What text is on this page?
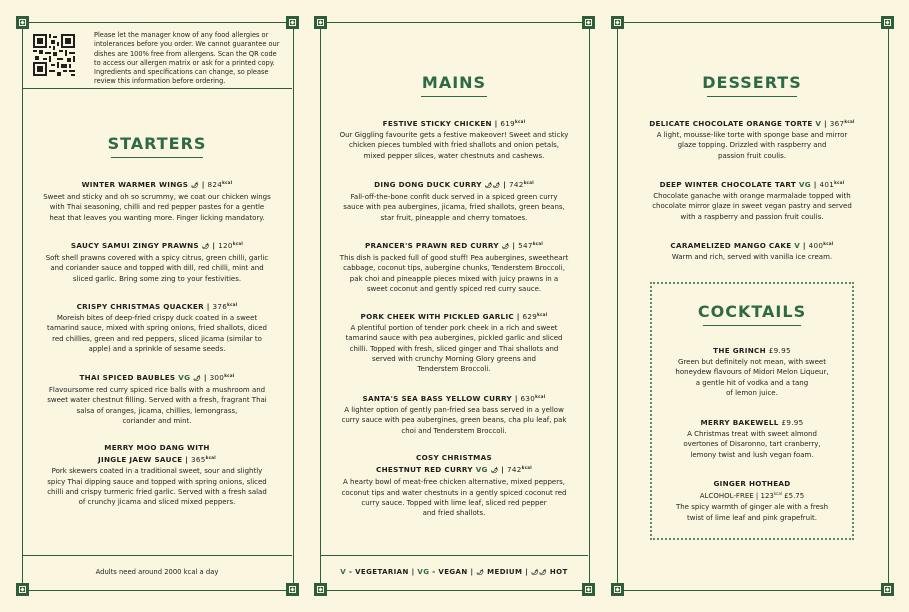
Please let the manager know of any food allergies or
intolerances before you order. We cannot guarantee our
dishes are 100% free from allergens. Scan the QR code
to access our allergen matrix or ask for a printed copy.
Ingredients and specifications can change, so please
review this information before ordering.
STARTERS
WINTER WARMER WINGS 🌶 | $824^{kcal}$
Sweet and sticky and oh so scrummy, we coat our chicken wings
with Thai seasoning, chilli and red pepper pastes for a gentle
heat that leaves you wanting more. Finger licking mandatory.
SAUCY SAMUI ZINGY PRAWNS 🌶 | $120^{kcal}$
Soft shell prawns covered with a spicy citrus, green chilli, garlic
and coriander sauce and topped with dill, red chilli, mint and
sliced garlic. Bring some zing to your festivities.
CRISPY CHRISTMAS QUACKER | $376^{kcal}$
Moreish bites of deep-fried crispy duck coated in a sweet
tamarind sauce, mixed with spring onions, fried shallots, diced
red chillies, green and red peppers, sliced jicama (similar to
apple) and a sprinkle of sesame seeds.
THAI SPICED BAUBLES VG 🌶 | $300^{kcal}$
Flavoursome red curry spiced rice balls with a mushroom and
sweet water chestnut filling. Served with a fresh, fragrant Thai
salsa of oranges, jicama, chillies, lemongrass,
coriander and mint.
MERRY MOO DANG WITH
JINGLE JAEW SAUCE | $365^{kcal}$
Pork skewers coated in a traditional sweet, sour and slightly
spicy Thai dipping sauce and topped with spring onions, sliced
chilli and crispy turmeric fried garlic. Served with a fresh salad
of crunchy jicama and sliced mixed peppers.
Adults need around 2000 kcal a day
MAINS
FESTIVE STICKY CHICKEN | $619^{kcal}$
Our Giggling favourite gets a festive makeover! Sweet and sticky
chicken pieces tumbled with fried shallots and onion petals,
mixed pepper slices, water chestnuts and cashews.
DING DONG DUCK CURRY 🌶🌶 | $742^{kcal}$
Fall-off-the-bone confit duck served in a spiced green curry
sauce with pea aubergines, jicama, fried shallots, green beans,
star fruit, pineapple and cherry tomatoes.
PRANCER'S PRAWN RED CURRY 🌶 | $547^{kcal}$
This dish is packed full of good stuff! Pea aubergines, sweetheart
cabbage, coconut tips, aubergine chunks, Tenderstem Broccoli,
pak choi and pineapple pieces mixed with juicy prawns in a
sweet coconut and gently spiced red curry sauce.
PORK CHEEK WITH PICKLED GARLIC | $629^{kcal}$
A plentiful portion of tender pork cheek in a rich and sweet
tamarind sauce with pea aubergines, pickled garlic and sliced
chilli. Topped with fresh, sliced ginger and Thai shallots and
served with crunchy Morning Glory greens and
Tenderstem Broccoli.
SANTA'S SEA BASS YELLOW CURRY | $630^{kcal}$
A lighter option of gently pan-fried sea bass served in a yellow
curry sauce with pea aubergines, green beans, cha plu leaf, pak
choi and Tenderstem Broccoli.
COSY CHRISTMAS
CHESTNUT RED CURRY VG 🌶 | $742^{kcal}$
A hearty bowl of meat-free chicken alternative, mixed peppers,
coconut tips and water chestnuts in a gently spiced coconut red
curry sauce. Topped with lime leaf, sliced red pepper
and fried shallots.
V - VEGETARIAN | VG - VEGAN | 🌶 MEDIUM | 🌶🌶 HOT
DESSERTS
DELICATE CHOCOLATE ORANGE TORTE V | $367^{kcal}$
A light, mousse-like torte with sponge base and mirror
glaze topping. Drizzled with raspberry and
passion fruit coulis.
DEEP WINTER CHOCOLATE TART VG | $401^{kcal}$
Chocolate ganache with orange marmalade topped with
chocolate mirror glaze in sweet vegan pastry and served
with a raspberry and passion fruit coulis.
CARAMELIZED MANGO CAKE V | $400^{kcal}$
Warm and rich, served with vanilla ice cream.
COCKTAILS
THE GRINCH £9.95
Green but definitely not mean, with sweet
honeydew flavours of Midori Melon Liqueur,
a gentle hit of vodka and a tang
of lemon juice.
MERRY BAKEWELL £9.95
A Christmas treat with sweet almond
overtones of Disaronno, tart cranberry,
lemony twist and lush vegan foam.
GINGER HOTHEAD
ALCOHOL-FREE | $123^{kcal}$ £5.75
The spicy warmth of ginger ale with a fresh
twist of lime leaf and pink grapefruit.
